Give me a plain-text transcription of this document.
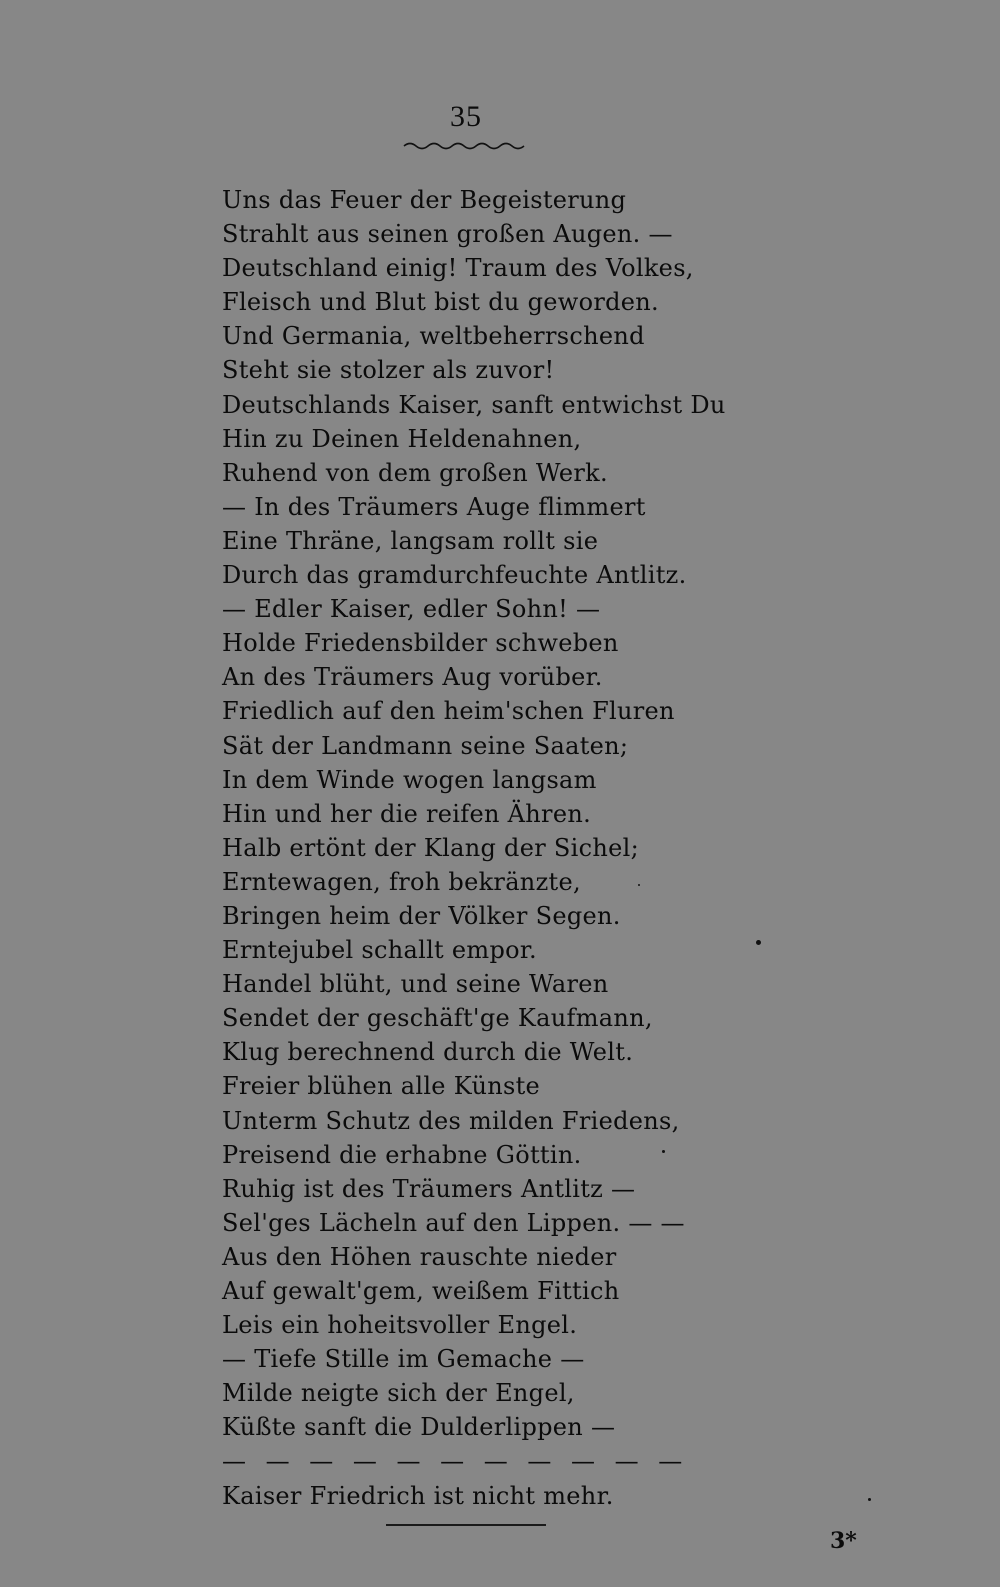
35
Uns das Feuer der Begeisterung
Strahlt aus seinen großen Augen. —
Deutschland einig! Traum des Volkes,
Fleisch und Blut bist du geworden.
Und Germania, weltbeherrschend
Steht sie stolzer als zuvor!
Deutschlands Kaiser, sanft entwichst Du
Hin zu Deinen Heldenahnen,
Ruhend von dem großen Werk.
— In des Träumers Auge flimmert
Eine Thräne, langsam rollt sie
Durch das gramdurchfeuchte Antlitz.
— Edler Kaiser, edler Sohn! —
Holde Friedensbilder schweben
An des Träumers Aug vorüber.
Friedlich auf den heim'schen Fluren
Sät der Landmann seine Saaten;
In dem Winde wogen langsam
Hin und her die reifen Ähren.
Halb ertönt der Klang der Sichel;
Erntewagen, froh bekränzte,
Bringen heim der Völker Segen.
Erntejubel schallt empor.
Handel blüht, und seine Waren
Sendet der geschäft'ge Kaufmann,
Klug berechnend durch die Welt.
Freier blühen alle Künste
Unterm Schutz des milden Friedens,
Preisend die erhabne Göttin.
Ruhig ist des Träumers Antlitz —
Sel'ges Lächeln auf den Lippen. — —
Aus den Höhen rauschte nieder
Auf gewalt'gem, weißem Fittich
Leis ein hoheitsvoller Engel.
— Tiefe Stille im Gemache —
Milde neigte sich der Engel,
Küßte sanft die Dulderlippen —
— — — — — — — — — — —
Kaiser Friedrich ist nicht mehr.
3*
